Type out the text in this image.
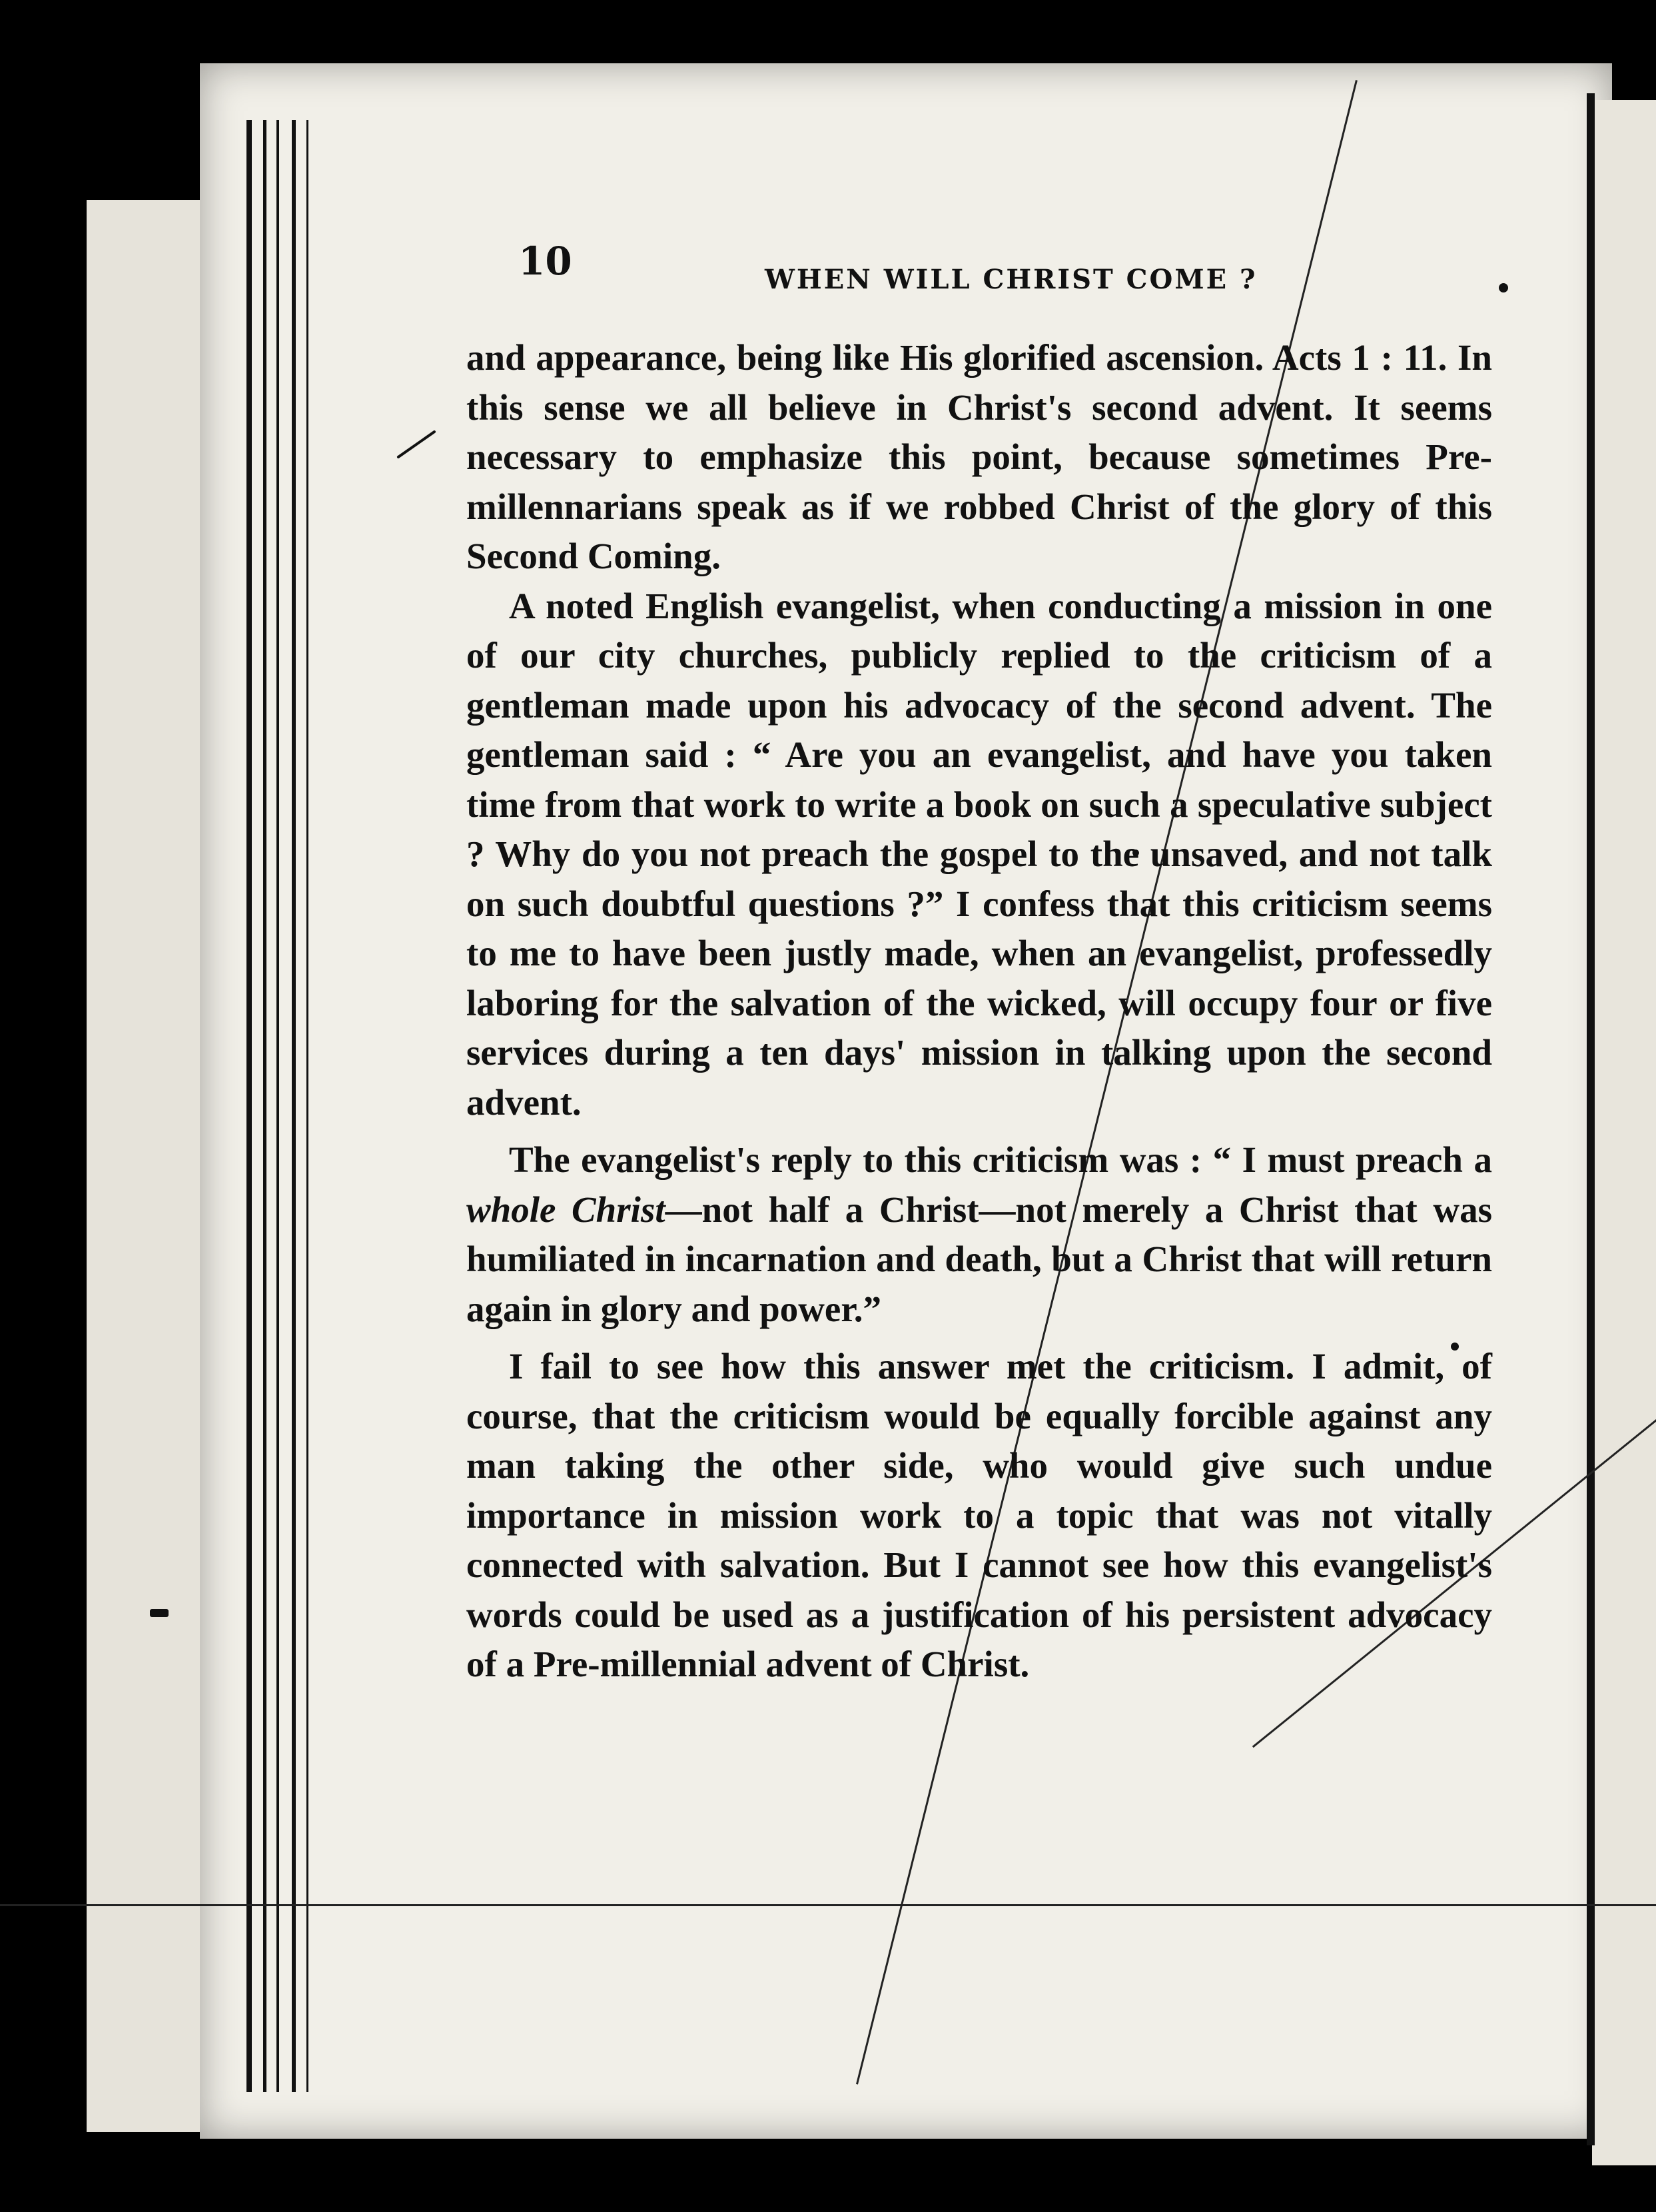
10	WHEN WILL CHRIST COME ?

and appearance, being like His glorified ascension. Acts 1 : 11. In this sense we all believe in Christ's second advent. It seems necessary to emphasize this point, because sometimes Pre-millennarians speak as if we robbed Christ of the glory of this Second Coming.

A noted English evangelist, when conducting a mission in one of our city churches, publicly replied to the criticism of a gentleman made upon his advocacy of the second advent. The gentleman said : “ Are you an evangelist, and have you taken time from that work to write a book on such a speculative subject ? Why do you not preach the gospel to the unsaved, and not talk on such doubtful questions ?” I confess that this criticism seems to me to have been justly made, when an evangelist, professedly laboring for the salvation of the wicked, will occupy four or five services during a ten days' mission in talking upon the second advent.

The evangelist's reply to this criticism was : “ I must preach a whole Christ—not half a Christ—not merely a Christ that was humiliated in incarnation and death, but a Christ that will return again in glory and power.”

I fail to see how this answer met the criticism. I admit, of course, that the criticism would be equally forcible against any man taking the other side, who would give such undue importance in mission work to a topic that was not vitally connected with salvation. But I cannot see how this evangelist's words could be used as a justification of his persistent advocacy of a Pre-millennial advent of Christ.
